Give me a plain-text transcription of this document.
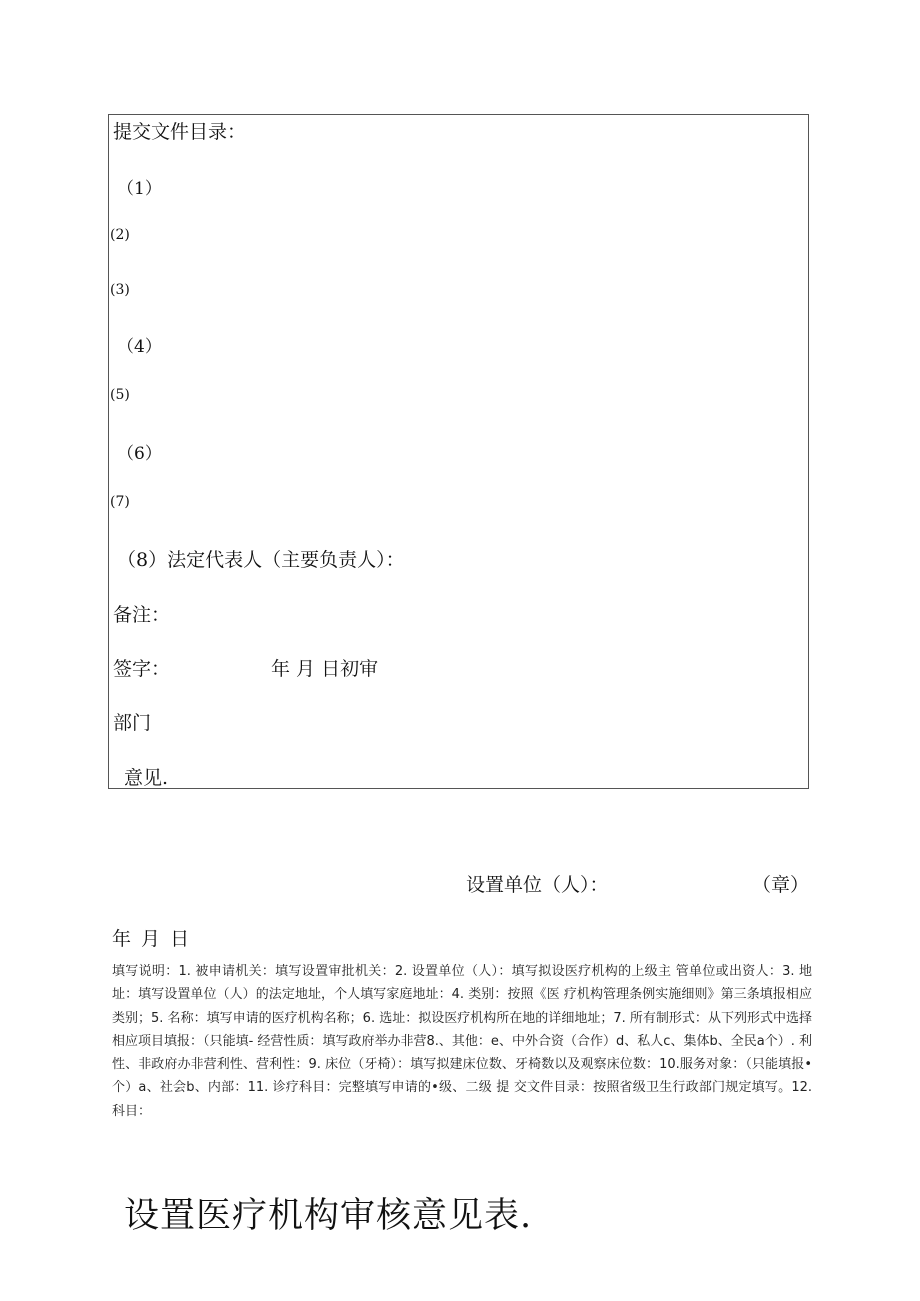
提交文件目录：
（1）
(2)
(3)
（4）
(5)
（6）
(7)
（8）法定代表人（主要负责人）：
备注：
签字：	年 月 日初审
部门
意见.
设置单位（人）：	（章）
年 月 日
填写说明：1. 被申请机关：填写设置审批机关：2. 设置单位（人）：填写拟设医疗机构的上级主 管单位或出资人：3. 地址：填写设置单位（人）的法定地址，个人填写家庭地址：4. 类别：按照《医 疗机构管理条例实施细则》第三条填报相应类别；5. 名称：填写申请的医疗机构名称；6. 选址：拟设医疗机构所在地的详细地址；7. 所有制形式：从下列形式中选择相应项目填报：（只能填- 经营性质：填写政府举办非营8.、其他：e、中外合资（合作）d、私人c、集体b、全民a个）. 利性、非政府办非营利性、营利性：9. 床位（牙椅）：填写拟建床位数、牙椅数以及观察床位数：10.服务对象：（只能填报•个）a、社会b、内部：11. 诊疗科目：完整填写申请的•级、二级 提 交文件目录：按照省级卫生行政部门规定填写。12. 科目：
设置医疗机构审核意见表.
